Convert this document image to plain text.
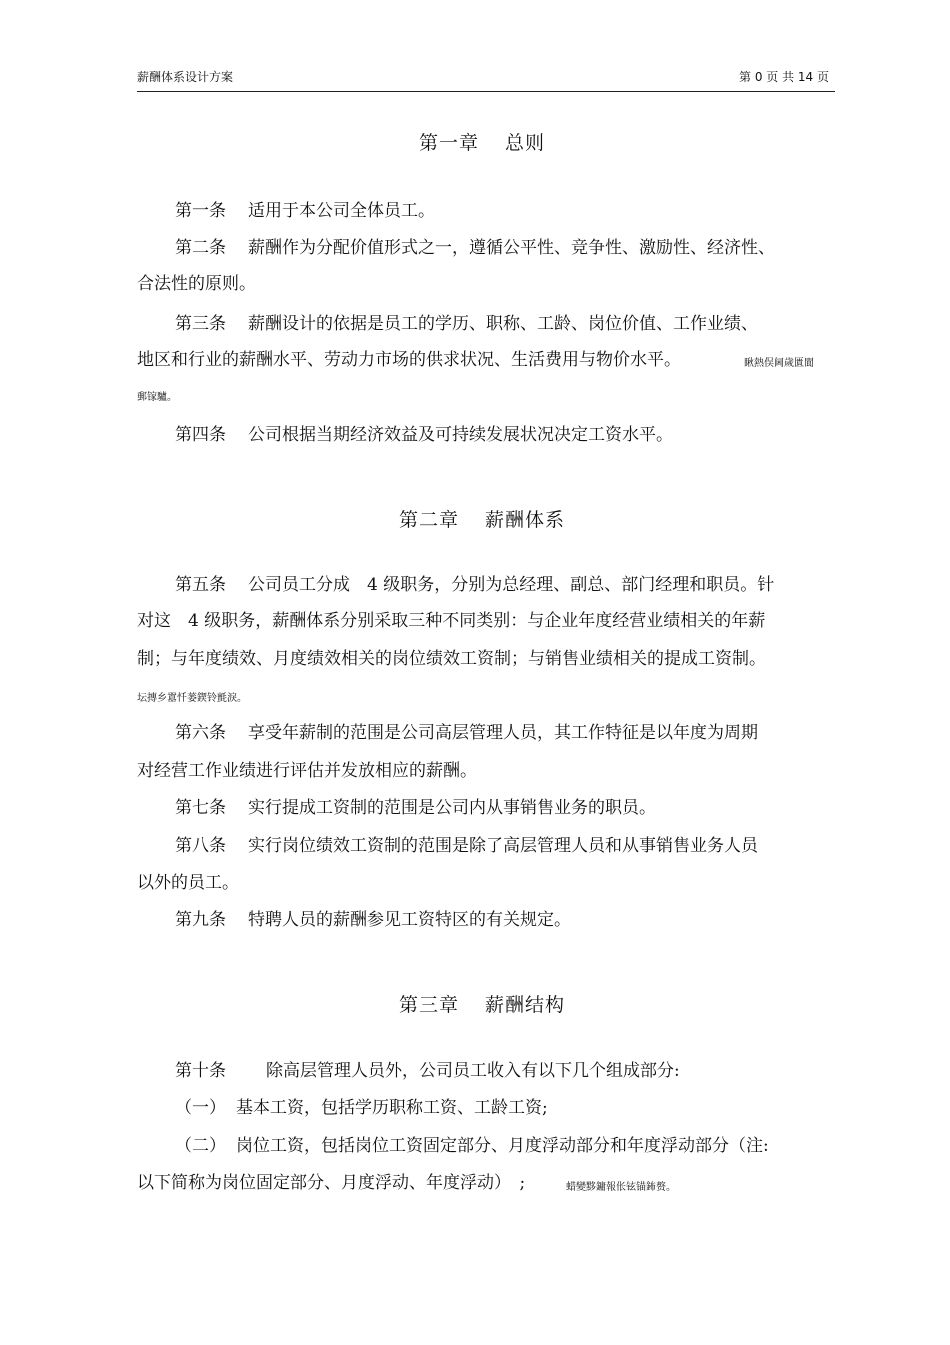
薪酬体系设计方案	第 0 页 共 14 页
第一章 总则
第一条 适用于本公司全体员工。
第二条 薪酬作为分配价值形式之一，遵循公平性、竞争性、激励性、经济性、
合法性的原则。
第三条 薪酬设计的依据是员工的学历、职称、工龄、岗位价值、工作业绩、
地区和行业的薪酬水平、劳动力市场的供求状况、生活费用与物价水平。	瞅熱俣阃歲匱閬
郵镓驢。
第四条 公司根据当期经济效益及可持续发展状况决定工资水平。
第二章 薪酬体系
第五条 公司员工分成　4 级职务，分别为总经理、副总、部门经理和职员。针
对这　4 级职务，薪酬体系分别采取三种不同类别：与企业年度经营业绩相关的年薪
制；与年度绩效、月度绩效相关的岗位绩效工资制；与销售业绩相关的提成工资制。
坛摶乡囂忏蒌鍥铃氈淚。
第六条 享受年薪制的范围是公司高层管理人员，其工作特征是以年度为周期
对经营工作业绩进行评估并发放相应的薪酬。
第七条 实行提成工资制的范围是公司内从事销售业务的职员。
第八条 实行岗位绩效工资制的范围是除了高层管理人员和从事销售业务人员
以外的员工。
第九条 特聘人员的薪酬参见工资特区的有关规定。
第三章 薪酬结构
第十条 除高层管理人员外，公司员工收入有以下几个组成部分:
（一） 基本工资，包括学历职称工资、工龄工资;
（二） 岗位工资，包括岗位工资固定部分、月度浮动部分和年度浮动部分（注:
以下简称为岗位固定部分、月度浮动、年度浮动）　;	蜡變黟鏞報伥铉锚鈽赘。
